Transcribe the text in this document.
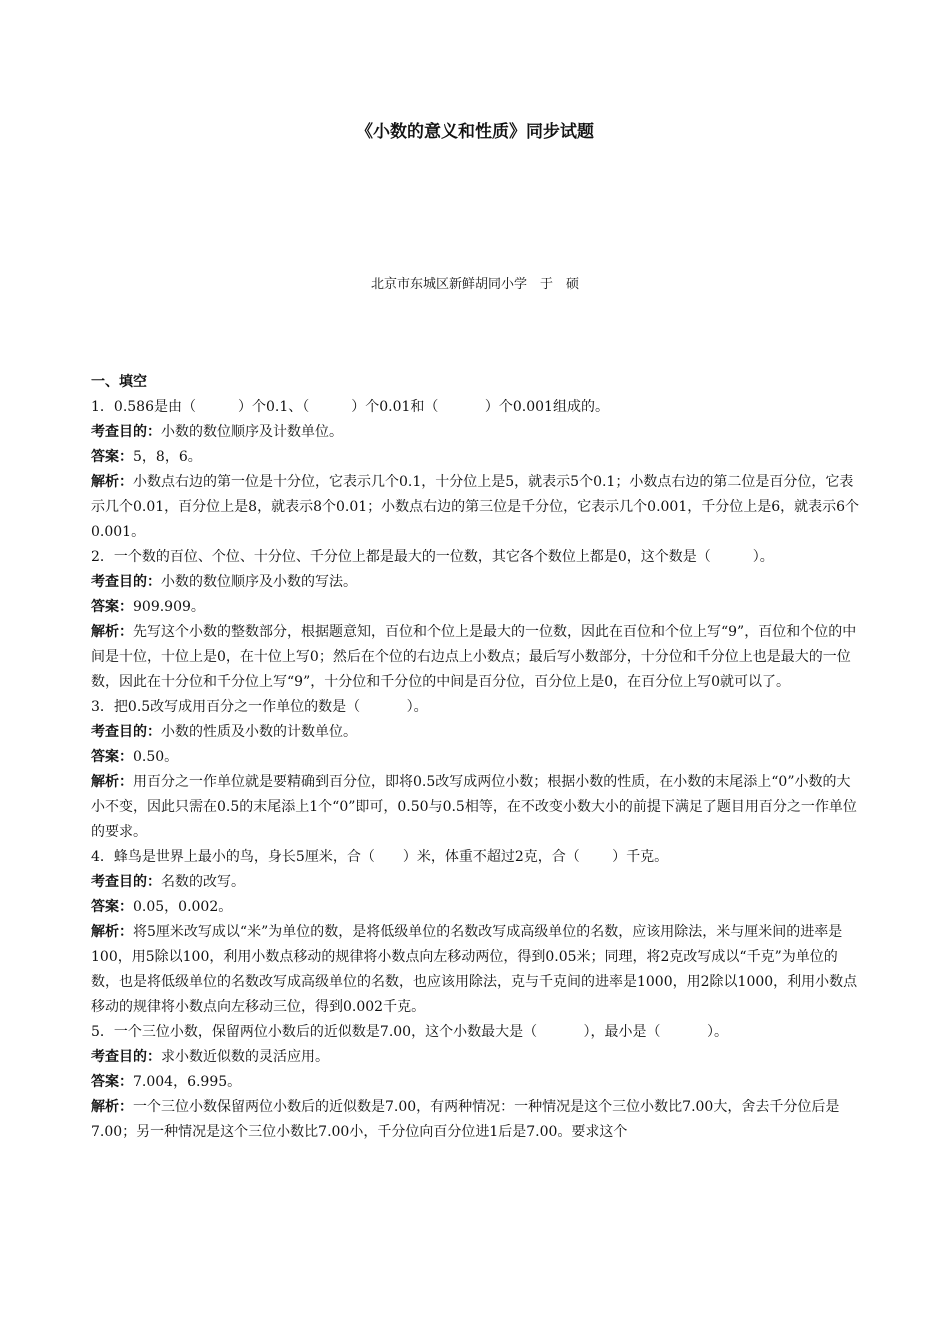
《小数的意义和性质》同步试题
北京市东城区新鲜胡同小学　于　硕

一、填空

1．0.586是由（　　　）个0.1、（　　　）个0.01和（　　　 ）个0.001组成的。

考查目的：小数的数位顺序及计数单位。

答案：5，8，6。

解析：小数点右边的第一位是十分位，它表示几个0.1，十分位上是5，就表示5个0.1；小数点右边的第二位是百分位，它表示几个0.01，百分位上是8，就表示8个0.01；小数点右边的第三位是千分位，它表示几个0.001，千分位上是6，就表示6个0.001。

2．一个数的百位、个位、十分位、千分位上都是最大的一位数，其它各个数位上都是0，这个数是（　　　）。

考查目的：小数的数位顺序及小数的写法。

答案：909.909。

解析：先写这个小数的整数部分，根据题意知，百位和个位上是最大的一位数，因此在百位和个位上写“9”，百位和个位的中间是十位，十位上是0，在十位上写0；然后在个位的右边点上小数点；最后写小数部分，十分位和千分位上也是最大的一位数，因此在十分位和千分位上写“9”，十分位和千分位的中间是百分位，百分位上是0，在百分位上写0就可以了。

3．把0.5改写成用百分之一作单位的数是（　　　 ）。

考查目的：小数的性质及小数的计数单位。

答案：0.50。

解析：用百分之一作单位就是要精确到百分位，即将0.5改写成两位小数；根据小数的性质，在小数的末尾添上“0”小数的大小不变，因此只需在0.5的末尾添上1个“0”即可，0.50与0.5相等，在不改变小数大小的前提下满足了题目用百分之一作单位的要求。

4．蜂鸟是世界上最小的鸟，身长5厘米，合（　　）米，体重不超过2克，合（　　 ）千克。

考查目的：名数的改写。

答案：0.05，0.002。

解析：将5厘米改写成以“米”为单位的数，是将低级单位的名数改写成高级单位的名数，应该用除法，米与厘米间的进率是100，用5除以100，利用小数点移动的规律将小数点向左移动两位，得到0.05米；同理，将2克改写成以“千克”为单位的数，也是将低级单位的名数改写成高级单位的名数，也应该用除法，克与千克间的进率是1000，用2除以1000，利用小数点移动的规律将小数点向左移动三位，得到0.002千克。

5．一个三位小数，保留两位小数后的近似数是7.00，这个小数最大是（　　　 ），最小是（　　　 ）。

考查目的：求小数近似数的灵活应用。

答案：7.004，6.995。

解析：一个三位小数保留两位小数后的近似数是7.00，有两种情况：一种情况是这个三位小数比7.00大，舍去千分位后是7.00；另一种情况是这个三位小数比7.00小，千分位向百分位进1后是7.00。要求这个
